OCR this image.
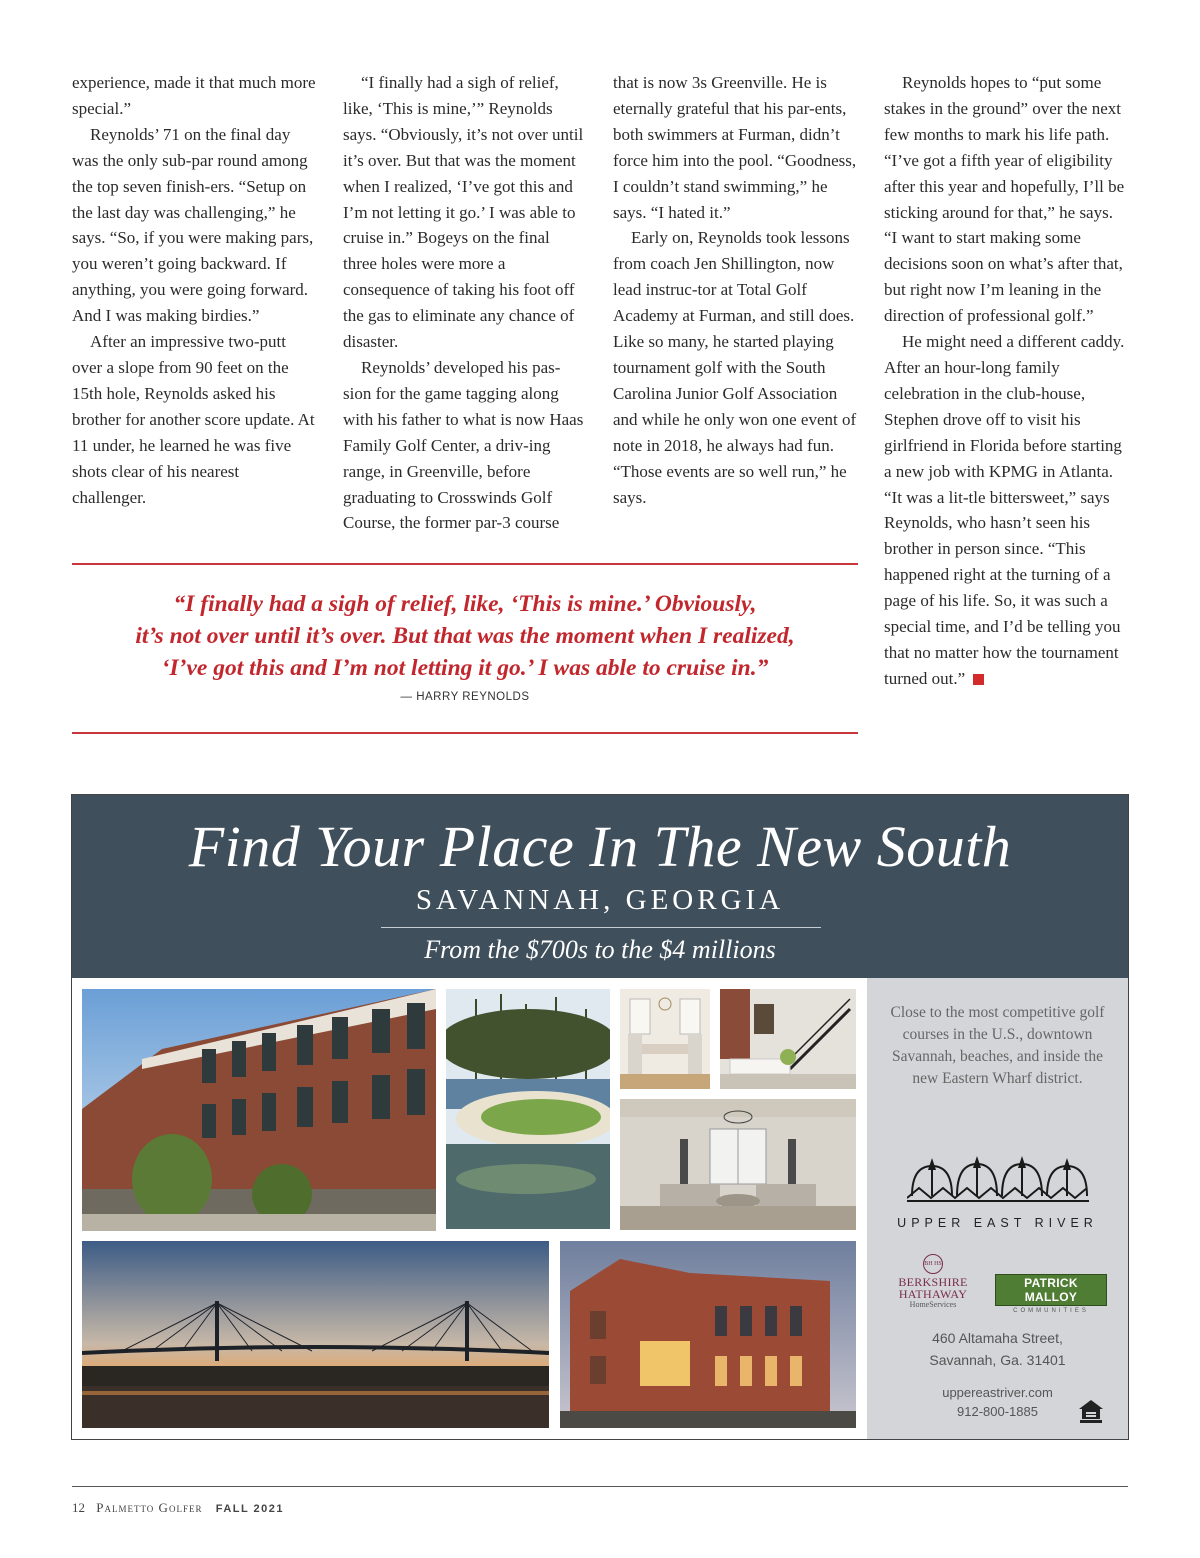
experience, made it that much more special.”

Reynolds’ 71 on the final day was the only sub-par round among the top seven finish-ers. “Setup on the last day was challenging,” he says. “So, if you were making pars, you weren’t going backward. If anything, you were going forward. And I was making birdies.”

After an impressive two-putt over a slope from 90 feet on the 15th hole, Reynolds asked his brother for another score update. At 11 under, he learned he was five shots clear of his nearest challenger.

“I finally had a sigh of relief, like, ‘This is mine,’” Reynolds says. “Obviously, it’s not over until it’s over. But that was the moment when I realized, ‘I’ve got this and I’m not letting it go.’ I was able to cruise in.” Bogeys on the final three holes were more a consequence of taking his foot off the gas to eliminate any chance of disaster.

Reynolds’ developed his pas-sion for the game tagging along with his father to what is now Haas Family Golf Center, a driv-ing range, in Greenville, before graduating to Crosswinds Golf Course, the former par-3 course

that is now 3s Greenville. He is eternally grateful that his par-ents, both swimmers at Furman, didn’t force him into the pool. “Goodness, I couldn’t stand swimming,” he says. “I hated it.”

Early on, Reynolds took lessons from coach Jen Shillington, now lead instruc-tor at Total Golf Academy at Furman, and still does. Like so many, he started playing tournament golf with the South Carolina Junior Golf Association and while he only won one event of note in 2018, he always had fun. “Those events are so well run,” he says.

Reynolds hopes to “put some stakes in the ground” over the next few months to mark his life path. “I’ve got a fifth year of eligibility after this year and hopefully, I’ll be sticking around for that,” he says. “I want to start making some decisions soon on what’s after that, but right now I’m leaning in the direction of professional golf.”

He might need a different caddy. After an hour-long family celebration in the club-house, Stephen drove off to visit his girlfriend in Florida before starting a new job with KPMG in Atlanta. “It was a lit-tle bittersweet,” says Reynolds, who hasn’t seen his brother in person since. “This happened right at the turning of a page of his life. So, it was such a special time, and I’d be telling you that no matter how the tournament turned out.”

“I finally had a sigh of relief, like, ‘This is mine.’ Obviously,
it’s not over until it’s over. But that was the moment when I realized,
‘I’ve got this and I’m not letting it go.’ I was able to cruise in.”
— HARRY REYNOLDS
Find Your Place In The New South
SAVANNAH, GEORGIA
From the $700s to the $4 millions
Close to the most competitive golf courses in the U.S., downtown Savannah, beaches, and inside the new Eastern Wharf district.
UPPER EAST RIVER
BH HS
BERKSHIRE
HATHAWAY
HomeServices
PATRICK MALLOY
COMMUNITIES
460 Altamaha Street,
Savannah, Ga. 31401
uppereastriver.com
912-800-1885
12 Palmetto Golfer FALL 2021
